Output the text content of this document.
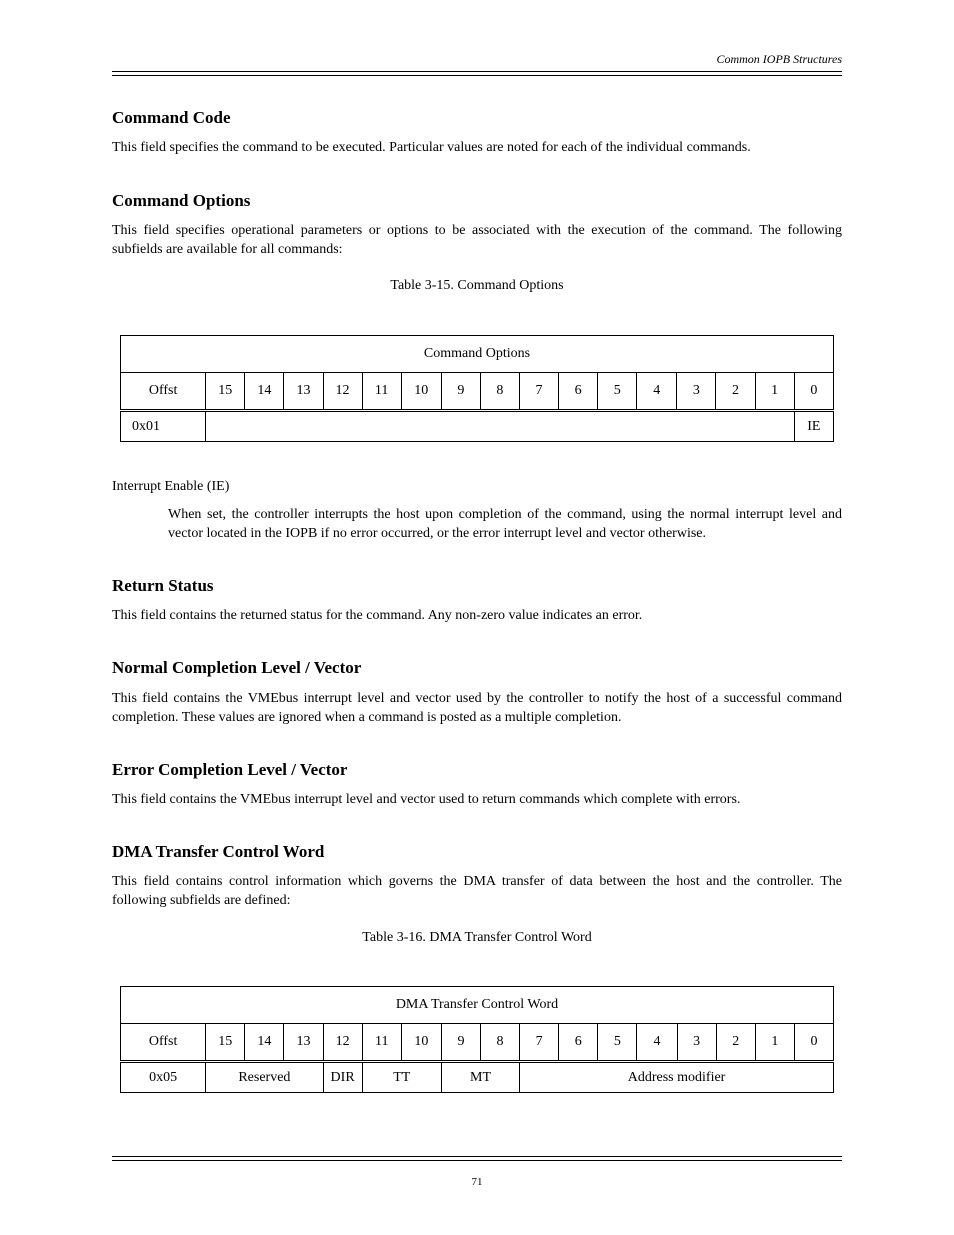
Common IOPB Structures
Command Code

This field specifies the command to be executed. Particular values are noted for each of the individual commands.

Command Options

This field specifies operational parameters or options to be associated with the execution of the command. The following subfields are available for all commands:

Table 3-15. Command Options
Command Options																
Offst	15	14	13	12	11	10	9	8	7	6	5	4	3	2	1	0
0x01																IE
Interrupt Enable (IE)

When set, the controller interrupts the host upon completion of the command, using the normal interrupt level and vector located in the IOPB if no error occurred, or the error interrupt level and vector otherwise.

Return Status

This field contains the returned status for the command. Any non-zero value indicates an error.

Normal Completion Level / Vector

This field contains the VMEbus interrupt level and vector used by the controller to notify the host of a successful command completion. These values are ignored when a command is posted as a multiple completion.

Error Completion Level / Vector

This field contains the VMEbus interrupt level and vector used to return commands which complete with errors.

DMA Transfer Control Word

This field contains control information which governs the DMA transfer of data between the host and the controller. The following subfields are defined:

Table 3-16. DMA Transfer Control Word
DMA Transfer Control Word																
Offst	15	14	13	12	11	10	9	8	7	6	5	4	3	2	1	0
0x05	Reserved			DIR	TT		MT		Address modifier							
71
